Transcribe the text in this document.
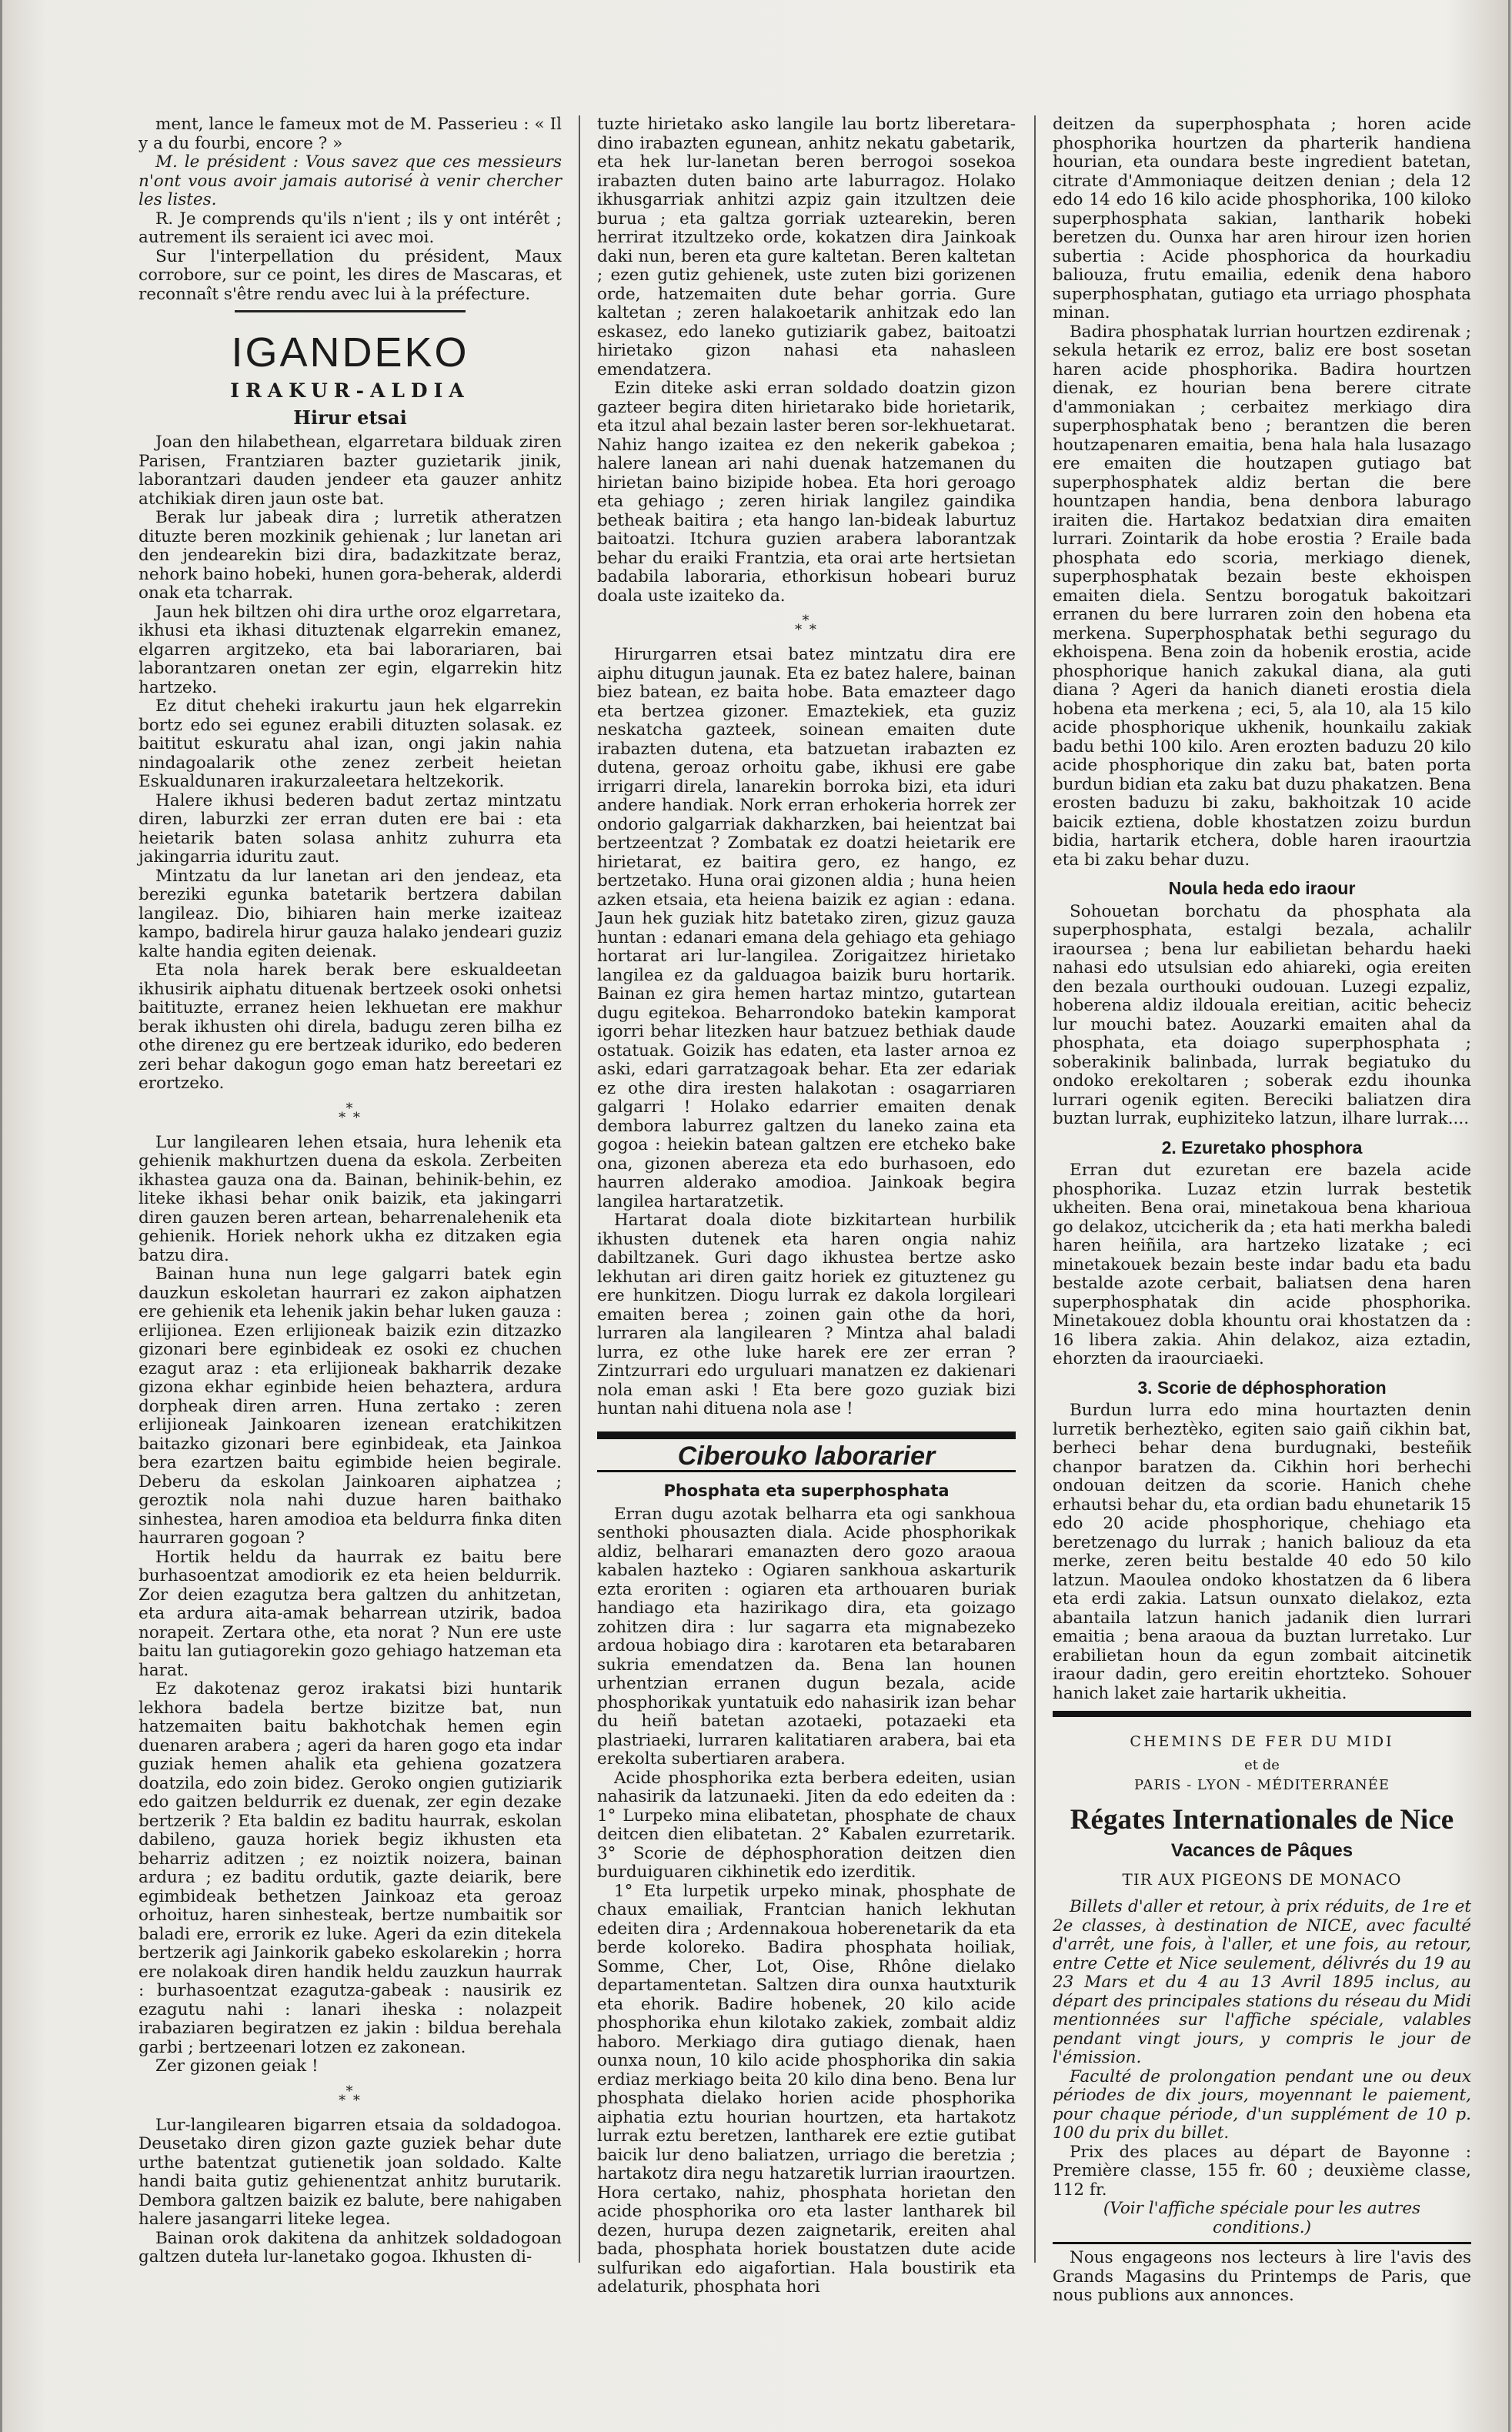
ment, lance le fameux mot de M. Passerieu : « Il y a du fourbi, encore ? »

M. le président : Vous savez que ces messieurs n'ont vous avoir jamais autorisé à venir chercher les listes.

R. Je comprends qu'ils n'ient ; ils y ont intérêt ; autrement ils seraient ici avec moi.

Sur l'interpellation du président, Maux corrobore, sur ce point, les dires de Mascaras, et reconnaît s'être rendu avec lui à la préfecture.

IGANDEKO
IRAKUR-ALDIA
Hirur etsai

Joan den hilabethean, elgarretara bilduak ziren Parisen, Frantziaren bazter guzietarik jinik, laborantzari dauden jendeer eta gauzer anhitz atchikiak diren jaun oste bat.

Berak lur jabeak dira ; lurretik atheratzen dituzte beren mozkinik gehienak ; lur lanetan ari den jendearekin bizi dira, badazkitzate beraz, nehork baino hobeki, hunen gora-beherak, alderdi onak eta tcharrak.

Jaun hek biltzen ohi dira urthe oroz elgarretara, ikhusi eta ikhasi dituztenak elgarrekin emanez, elgarren argitzeko, eta bai laborariaren, bai laborantzaren onetan zer egin, elgarrekin hitz hartzeko.

Ez ditut cheheki irakurtu jaun hek elgarrekin bortz edo sei egunez erabili dituzten solasak. ez baititut eskuratu ahal izan, ongi jakin nahia nindagoalarik othe zenez zerbeit heietan Eskualdunaren irakurzaleetara heltzekorik.

Halere ikhusi bederen badut zertaz mintzatu diren, laburzki zer erran duten ere bai : eta heietarik baten solasa anhitz zuhurra eta jakingarria iduritu zaut.

Mintzatu da lur lanetan ari den jendeaz, eta bereziki egunka batetarik bertzera dabilan langileaz. Dio, bihiaren hain merke izaiteaz kampo, badirela hirur gauza halako jendeari guziz kalte handia egiten deienak.

Eta nola harek berak bere eskualdeetan ikhusirik aiphatu dituenak bertzeek osoki onhetsi baitituzte, erranez heien lekhuetan ere makhur berak ikhusten ohi direla, badugu zeren bilha ez othe direnez gu ere bertzeak iduriko, edo bederen zeri behar dakogun gogo eman hatz bereetari ez erortzeko.

*
* *

Lur langilearen lehen etsaia, hura lehenik eta gehienik makhurtzen duena da eskola. Zerbeiten ikhastea gauza ona da. Bainan, behinik-behin, ez liteke ikhasi behar onik baizik, eta jakingarri diren gauzen beren artean, beharrenalehenik eta gehienik. Horiek nehork ukha ez ditzaken egia batzu dira.

Bainan huna nun lege galgarri batek egin dauzkun eskoletan haurrari ez zakon aiphatzen ere gehienik eta lehenik jakin behar luken gauza : erlijionea. Ezen erlijioneak baizik ezin ditzazko gizonari bere eginbideak ez osoki ez chuchen ezagut araz : eta erlijioneak bakharrik dezake gizona ekhar eginbide heien behaztera, ardura dorpheak diren arren. Huna zertako : zeren erlijioneak Jainkoaren izenean eratchikitzen baitazko gizonari bere eginbideak, eta Jainkoa bera ezartzen baitu egimbide heien begirale. Deberu da eskolan Jainkoaren aiphatzea ; geroztik nola nahi duzue haren baithako sinhestea, haren amodioa eta beldurra finka diten haurraren gogoan ?

Hortik heldu da haurrak ez baitu bere burhasoentzat amodiorik ez eta heien beldurrik. Zor deien ezagutza bera galtzen du anhitzetan, eta ardura aita-amak beharrean utzirik, badoa norapeit. Zertara othe, eta norat ? Nun ere uste baitu lan gutiagorekin gozo gehiago hatzeman eta harat.

Ez dakotenaz geroz irakatsi bizi huntarik lekhora badela bertze bizitze bat, nun hatzemaiten baitu bakhotchak hemen egin duenaren arabera ; ageri da haren gogo eta indar guziak hemen ahalik eta gehiena gozatzera doatzila, edo zoin bidez. Geroko ongien gutiziarik edo gaitzen beldurrik ez duenak, zer egin dezake bertzerik ? Eta baldin ez baditu haurrak, eskolan dabileno, gauza horiek begiz ikhusten eta beharriz aditzen ; ez noiztik noizera, bainan ardura ; ez baditu ordutik, gazte deiarik, bere egimbideak bethetzen Jainkoaz eta geroaz orhoituz, haren sinhesteak, bertze numbaitik sor baladi ere, errorik ez luke. Ageri da ezin ditekela bertzerik agi Jainkorik gabeko eskolarekin ; horra ere nolakoak diren handik heldu zauzkun haurrak : burhasoentzat ezagutza-gabeak : nausirik ez ezagutu nahi : lanari iheska : nolazpeit irabaziaren begiratzen ez jakin : bildua berehala garbi ; bertzeenari lotzen ez zakonean.

Zer gizonen geiak !

*
* *

Lur-langilearen bigarren etsaia da soldadogoa. Deusetako diren gizon gazte guziek behar dute urthe batentzat gutienetik joan soldado. Kalte handi baita gutiz gehienentzat anhitz burutarik. Dembora galtzen baizik ez balute, bere nahigaben halere jasangarri liteke legea.

Bainan orok dakitena da anhitzek soldadogoan galtzen duteła lur-lanetako gogoa. Ikhusten di-

tuzte hirietako asko langile lau bortz liberetara-dino irabazten egunean, anhitz nekatu gabetarik, eta hek lur-lanetan beren berrogoi sosekoa irabazten duten baino arte laburragoz. Holako ikhusgarriak anhitzi azpiz gain itzultzen deie burua ; eta galtza gorriak uztearekin, beren herrirat itzultzeko orde, kokatzen dira Jainkoak daki nun, beren eta gure kaltetan. Beren kaltetan ; ezen gutiz gehienek, uste zuten bizi gorizenen orde, hatzemaiten dute behar gorria. Gure kaltetan ; zeren halakoetarik anhitzak edo lan eskasez, edo laneko gutiziarik gabez, baitoatzi hirietako gizon nahasi eta nahasleen emendatzera.

Ezin diteke aski erran soldado doatzin gizon gazteer begira diten hirietarako bide horietarik, eta itzul ahal bezain laster beren sor-lekhuetarat. Nahiz hango izaitea ez den nekerik gabekoa ; halere lanean ari nahi duenak hatzemanen du hirietan baino bizipide hobea. Eta hori geroago eta gehiago ; zeren hiriak langilez gaindika betheak baitira ; eta hango lan-bideak laburtuz baitoatzi. Itchura guzien arabera laborantzak behar du eraiki Frantzia, eta orai arte hertsietan badabila laboraria, ethorkisun hobeari buruz doala uste izaiteko da.

*
* *

Hirurgarren etsai batez mintzatu dira ere aiphu ditugun jaunak. Eta ez batez halere, bainan biez batean, ez baita hobe. Bata emazteer dago eta bertzea gizoner. Emaztekiek, eta guziz neskatcha gazteek, soinean emaiten dute irabazten dutena, eta batzuetan irabazten ez dutena, geroaz orhoitu gabe, ikhusi ere gabe irrigarri direla, lanarekin borroka bizi, eta iduri andere handiak. Nork erran erhokeria horrek zer ondorio galgarriak dakharzken, bai heientzat bai bertzeentzat ? Zombatak ez doatzi heietarik ere hirietarat, ez baitira gero, ez hango, ez bertzetako. Huna orai gizonen aldia ; huna heien azken etsaia, eta heiena baizik ez agian : edana. Jaun hek guziak hitz batetako ziren, gizuz gauza huntan : edanari emana dela gehiago eta gehiago hortarat ari lur-langilea. Zorigaitzez hirietako langilea ez da galduagoa baizik buru hortarik. Bainan ez gira hemen hartaz mintzo, gutartean dugu egitekoa. Beharrondoko batekin kamporat igorri behar litezken haur batzuez bethiak daude ostatuak. Goizik has edaten, eta laster arnoa ez aski, edari garratzagoak behar. Eta zer edariak ez othe dira iresten halakotan : osagarriaren galgarri ! Holako edarrier emaiten denak dembora laburrez galtzen du laneko zaina eta gogoa : heiekin batean galtzen ere etcheko bake ona, gizonen abereza eta edo burhasoen, edo haurren alderako amodioa. Jainkoak begira langilea hartaratzetik.

Hartarat doala diote bizkitartean hurbilik ikhusten dutenek eta haren ongia nahiz dabiltzanek. Guri dago ikhustea bertze asko lekhutan ari diren gaitz horiek ez gituztenez gu ere hunkitzen. Diogu lurrak ez dakola lorgileari emaiten berea ; zoinen gain othe da hori, lurraren ala langilearen ? Mintza ahal baladi lurra, ez othe luke harek ere zer erran ? Zintzurrari edo urguluari manatzen ez dakienari nola eman aski ! Eta bere gozo guziak bizi huntan nahi dituena nola ase !

Ciberouko laborarier
Phosphata eta superphosphata

Erran dugu azotak belharra eta ogi sankhoua senthoki phousazten diala. Acide phosphorikak aldiz, belharari emanazten dero gozo araoua kabalen hazteko : Ogiaren sankhoua askarturik ezta eroriten : ogiaren eta arthouaren buriak handiago eta hazirikago dira, eta goizago zohitzen dira : lur sagarra eta mignabezeko ardoua hobiago dira : karotaren eta betarabaren sukria emendatzen da. Bena lan hounen urhentzian erranen dugun bezala, acide phosphorikak yuntatuik edo nahasirik izan behar du heiñ batetan azotaeki, potazaeki eta plastriaeki, lurraren kalitatiaren arabera, bai eta erekolta subertiaren arabera.

Acide phosphorika ezta berbera edeiten, usian nahasirik da latzunaeki. Jiten da edo edeiten da : 1° Lurpeko mina elibatetan, phosphate de chaux deitcen dien elibatetan. 2° Kabalen ezurretarik. 3° Scorie de déphosphoration deitzen dien burduiguaren cikhinetik edo izerditik.

1° Eta lurpetik urpeko minak, phosphate de chaux emailiak, Frantcian hanich lekhutan edeiten dira ; Ardennakoua hoberenetarik da eta berde koloreko. Badira phosphata hoiliak, Somme, Cher, Lot, Oise, Rhône dielako departamentetan. Saltzen dira ounxa hautxturik eta ehorik. Badire hobenek, 20 kilo acide phosphorika ehun kilotako zakiek, zombait aldiz haboro. Merkiago dira gutiago dienak, haen ounxa noun, 10 kilo acide phosphorika din sakia erdiaz merkiago beita 20 kilo dina beno. Bena lur phosphata dielako horien acide phosphorika aiphatia eztu hourian hourtzen, eta hartakotz lurrak eztu beretzen, lantharek ere eztie gutibat baicik lur deno baliatzen, urriago die beretzia ; hartakotz dira negu hatzaretik lurrian iraourtzen. Hora certako, nahiz, phosphata horietan den acide phosphorika oro eta laster lantharek bil dezen, hurupa dezen zaignetarik, ereiten ahal bada, phosphata horiek boustatzen dute acide sulfurikan edo aigafortian. Hala boustirik eta adelaturik, phosphata hori

deitzen da superphosphata ; horen acide phosphorika hourtzen da pharterik handiena hourian, eta oundara beste ingredient batetan, citrate d'Ammoniaque deitzen denian ; dela 12 edo 14 edo 16 kilo acide phosphorika, 100 kiloko superphosphata sakian, lantharik hobeki beretzen du. Ounxa har aren hirour izen horien subertia : Acide phosphorica da hourkadiu baliouza, frutu emailia, edenik dena haboro superphosphatan, gutiago eta urriago phosphata minan.

Badira phosphatak lurrian hourtzen ezdirenak ; sekula hetarik ez erroz, baliz ere bost sosetan haren acide phosphorika. Badira hourtzen dienak, ez hourian bena berere citrate d'ammoniakan ; cerbaitez merkiago dira superphosphatak beno ; berantzen die beren houtzapenaren emaitia, bena hala hala lusazago ere emaiten die houtzapen gutiago bat superphosphatek aldiz bertan die bere hountzapen handia, bena denbora laburago iraiten die. Hartakoz bedatxian dira emaiten lurrari. Zointarik da hobe erostia ? Eraile bada phosphata edo scoria, merkiago dienek, superphosphatak bezain beste ekhoispen emaiten diela. Sentzu borogatuk bakoitzari erranen du bere lurraren zoin den hobena eta merkena. Superphosphatak bethi segurago du ekhoispena. Bena zoin da hobenik erostia, acide phosphorique hanich zakukal diana, ala guti diana ? Ageri da hanich dianeti erostia diela hobena eta merkena ; eci, 5, ala 10, ala 15 kilo acide phosphorique ukhenik, hounkailu zakiak badu bethi 100 kilo. Aren erozten baduzu 20 kilo acide phosphorique din zaku bat, baten porta burdun bidian eta zaku bat duzu phakatzen. Bena erosten baduzu bi zaku, bakhoitzak 10 acide baicik eztiena, doble khostatzen zoizu burdun bidia, hartarik etchera, doble haren iraourtzia eta bi zaku behar duzu.

Noula heda edo iraour

Sohouetan borchatu da phosphata ala superphosphata, estalgi bezala, achalilr iraoursea ; bena lur eabilietan behardu haeki nahasi edo utsulsian edo ahiareki, ogia ereiten den bezala ourthouki oudouan. Luzegi ezpaliz, hoberena aldiz ildouala ereitian, acitic beheciz lur mouchi batez. Aouzarki emaiten ahal da phosphata, eta doiago superphosphata ; soberakinik balinbada, lurrak begiatuko du ondoko erekoltaren ; soberak ezdu ihounka lurrari ogenik egiten. Bereciki baliatzen dira buztan lurrak, euphiziteko latzun, ilhare lurrak....

2. Ezuretako phosphora

Erran dut ezuretan ere bazela acide phosphorika. Luzaz etzin lurrak bestetik ukheiten. Bena orai, minetakoua bena kharioua​go delakoz, utcicherik da ; eta hati merkha baledi haren heiñila, ara hartzeko lizatake ; eci minetakouek bezain beste indar badu eta badu bestalde azote cerbait, baliatsen dena haren superphosphatak din acide phosphorika. Minetakouez dobla khountu orai khostatzen da : 16 libera zakia. Ahin delakoz, aiza eztadin, ehorzten da iraourciaeki.

3. Scorie de déphosphoration

Burdun lurra edo mina hourtazten denin lurretik berheztèko, egiten saio gaiñ cikhin bat, berheci behar dena burdugnaki, besteñik chanpor baratzen da. Cikhin hori berhechi ondouan deitzen da scorie. Hanich chehe erhautsi behar du, eta ordian badu ehunetarik 15 edo 20 acide phosphorique, chehiago eta beretzenago du lurrak ; hanich baliouz da eta merke, zeren beitu bestalde 40 edo 50 kilo latzun. Maoulea ondoko khostatzen da 6 libera eta erdi zakia. Latsun ounxato dielakoz, ezta abantaila latzun hanich jadanik dien lurrari emaitia ; bena araoua da buztan lurretako. Lur erabilietan houn da egun zombait aitcinetik iraour dadin, gero ereitin ehortzteko. Sohouer hanich laket zaie hartarik ukheitia.

CHEMINS DE FER DU MIDI
et de
PARIS - LYON - MÉDITERRANÉE
Régates Internationales de Nice
Vacances de Pâques
TIR AUX PIGEONS DE MONACO

Billets d'aller et retour, à prix réduits, de 1re et 2e classes, à destination de NICE, avec faculté d'arrêt, une fois, à l'aller, et une fois, au retour, entre Cette et Nice seulement, délivrés du 19 au 23 Mars et du 4 au 13 Avril 1895 inclus, au départ des principales stations du réseau du Midi mentionnées sur l'affiche spéciale, valables pendant vingt jours, y compris le jour de l'émission.

Faculté de prolongation pendant une ou deux périodes de dix jours, moyennant le paiement, pour chaque période, d'un supplément de 10 p. 100 du prix du billet.

Prix des places au départ de Bayonne : Première classe, 155 fr. 60 ; deuxième classe, 112 fr.

(Voir l'affiche spéciale pour les autres conditions.)

Nous engageons nos lecteurs à lire l'avis des Grands Magasins du Printemps de Paris, que nous publions aux annonces.
